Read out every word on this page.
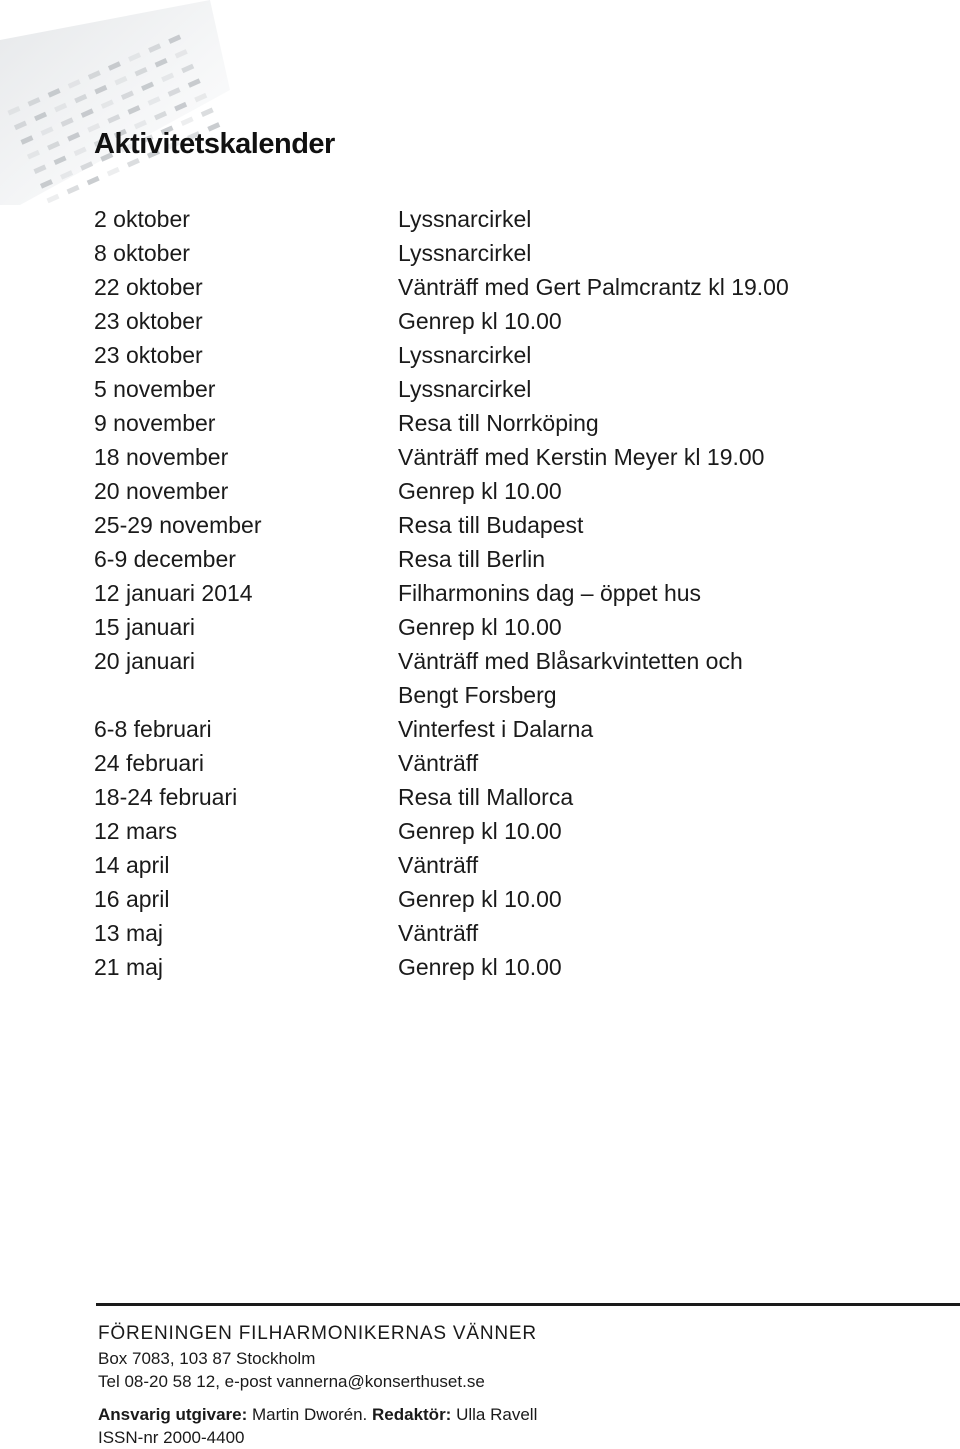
Aktivitetskalender
2 oktober	Lyssnarcirkel
8 oktober	Lyssnarcirkel
22 oktober	Vänträff med Gert Palmcrantz kl 19.00
23 oktober	Genrep kl 10.00
23 oktober	Lyssnarcirkel
5 november	Lyssnarcirkel
9 november	Resa till Norrköping
18 november	Vänträff med Kerstin Meyer kl 19.00
20 november	Genrep kl 10.00
25-29 november	Resa till Budapest
6-9 december	Resa till Berlin
12 januari 2014	Filharmonins dag – öppet hus
15 januari	Genrep kl 10.00
20 januari	Vänträff med Blåsarkvintetten och
Bengt Forsberg
6-8 februari	Vinterfest i Dalarna
24 februari	Vänträff
18-24 februari	Resa till Mallorca
12 mars	Genrep kl 10.00
14 april	Vänträff
16 april	Genrep kl 10.00
13 maj	Vänträff
21 maj	Genrep kl 10.00
FÖRENINGEN FILHARMONIKERNAS VÄNNER
Box 7083, 103 87 Stockholm
Tel 08-20 58 12, e-post vannerna@konserthuset.se
Ansvarig utgivare: Martin Dworén. Redaktör: Ulla Ravell
ISSN-nr 2000-4400
